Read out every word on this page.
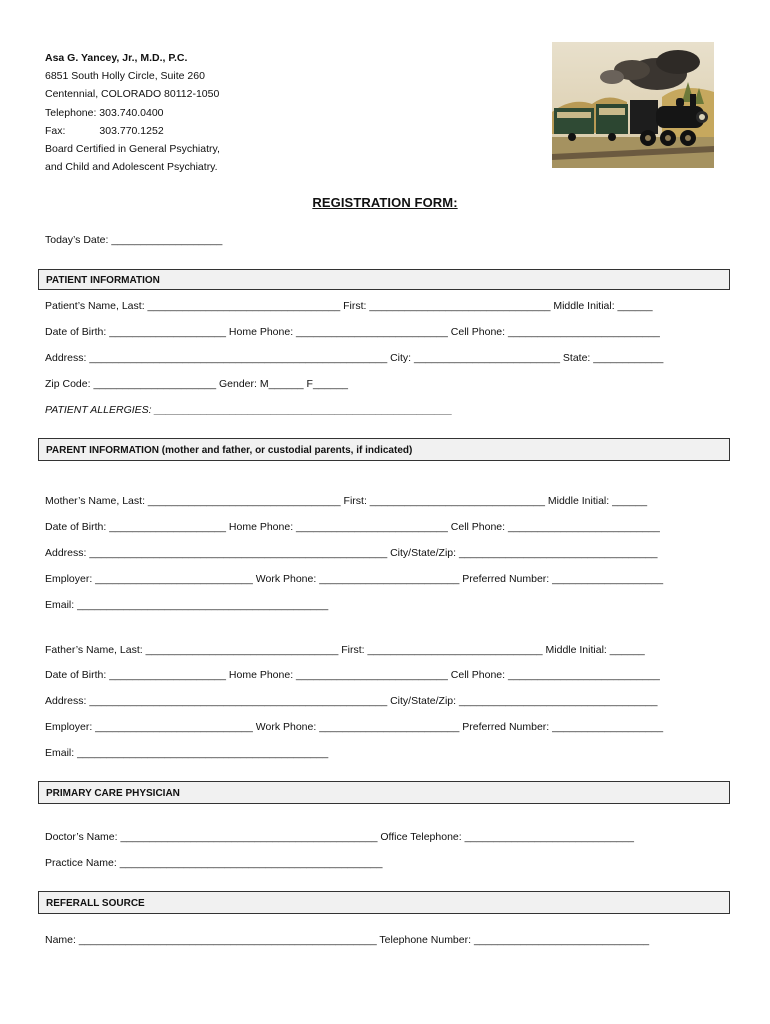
Asa G. Yancey, Jr., M.D., P.C.
6851 South Holly Circle, Suite 260
Centennial, COLORADO 80112-1050
Telephone: 303.740.0400
Fax:	303.770.1252
Board Certified in General Psychiatry,
and Child and Adolescent Psychiatry.
REGISTRATION FORM:
Today’s Date: ___________________
PATIENT INFORMATION
Patient’s Name, Last: _________________________________ First: _______________________________ Middle Initial: ______
Date of Birth: ____________________ Home Phone: __________________________ Cell Phone: __________________________
Address: ___________________________________________________ City: _________________________ State: ____________
Zip Code: _____________________ Gender: M______ F______
PATIENT ALLERGIES: ___________________________________________________
PARENT INFORMATION (mother and father, or custodial parents, if indicated)
Mother’s Name, Last: _________________________________ First: ______________________________ Middle Initial: ______
Date of Birth: ____________________ Home Phone: __________________________ Cell Phone: __________________________
Address: ___________________________________________________ City/State/Zip: __________________________________
Employer: ___________________________ Work Phone: ________________________ Preferred Number: ___________________
Email: ___________________________________________
Father’s Name, Last: _________________________________ First: ______________________________ Middle Initial: ______
Date of Birth: ____________________ Home Phone: __________________________ Cell Phone: __________________________
Address: ___________________________________________________ City/State/Zip: __________________________________
Employer: ___________________________ Work Phone: ________________________ Preferred Number: ___________________
Email: ___________________________________________
PRIMARY CARE PHYSICIAN
Doctor’s Name: ____________________________________________ Office Telephone: _____________________________
Practice Name: _____________________________________________
REFERALL SOURCE
Name: ___________________________________________________ Telephone Number: ______________________________
